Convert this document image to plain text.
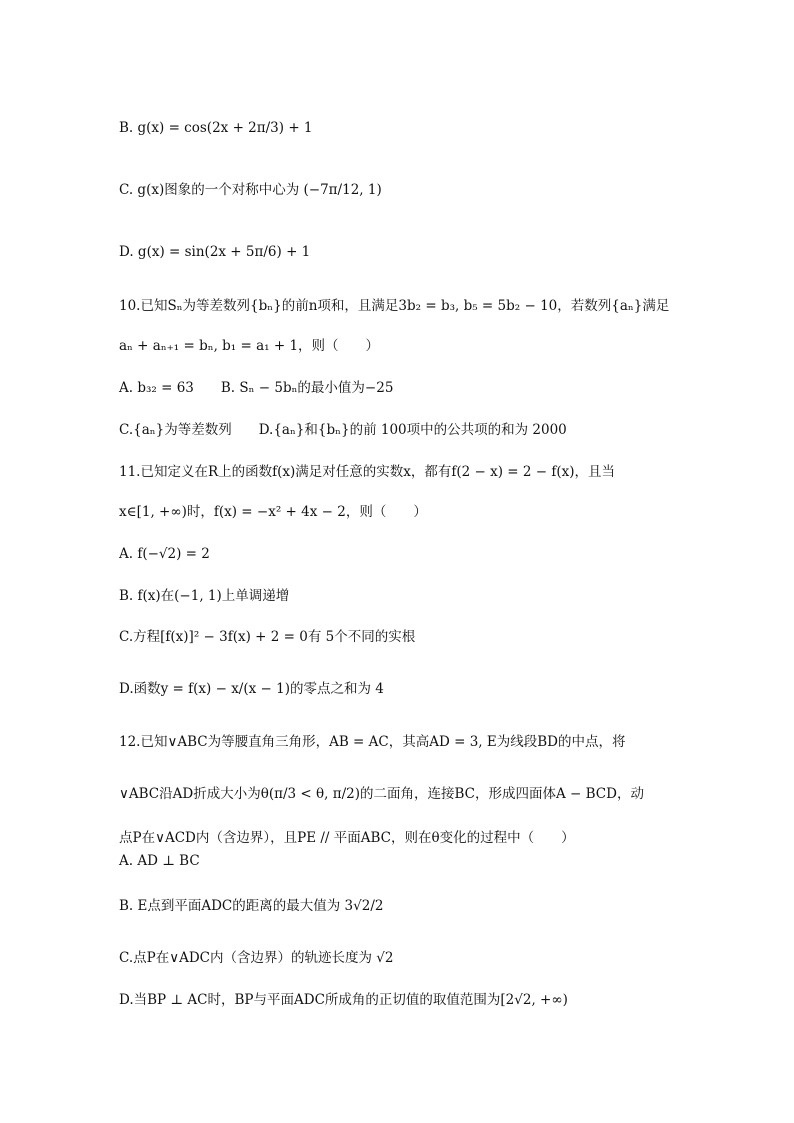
B. g(x) = cos(2x + 2π/3) + 1
C. g(x)图象的一个对称中心为 (−7π/12, 1)
D. g(x) = sin(2x + 5π/6) + 1
10.已知Sₙ为等差数列{bₙ}的前n项和，且满足3b₂ = b₃, b₅ = 5b₂ − 10，若数列{aₙ}满足
aₙ + aₙ₊₁ = bₙ, b₁ = a₁ + 1，则（　　）
A. b₃₂ = 63　　B. Sₙ − 5bₙ的最小值为−25
C.{aₙ}为等差数列　　D.{aₙ}和{bₙ}的前 100项中的公共项的和为 2000
11.已知定义在R上的函数f(x)满足对任意的实数x，都有f(2 − x) = 2 − f(x)，且当
x∈[1, +∞)时，f(x) = −x² + 4x − 2，则（　　）
A. f(−√2) = 2
B. f(x)在(−1, 1)上单调递增
C.方程[f(x)]² − 3f(x) + 2 = 0有 5个不同的实根
D.函数y = f(x) − x/(x − 1)的零点之和为 4
12.已知∨ABC为等腰直角三角形，AB = AC，其高AD = 3, E为线段BD的中点，将
∨ABC沿AD折成大小为θ(π/3 < θ, π/2)的二面角，连接BC，形成四面体A − BCD，动
点P在∨ACD内（含边界），且PE // 平面ABC，则在θ变化的过程中（　　）
A. AD ⊥ BC
B. E点到平面ADC的距离的最大值为 3√2/2
C.点P在∨ADC内（含边界）的轨迹长度为 √2
D.当BP ⊥ AC时，BP与平面ADC所成角的正切值的取值范围为[2√2, +∞)
